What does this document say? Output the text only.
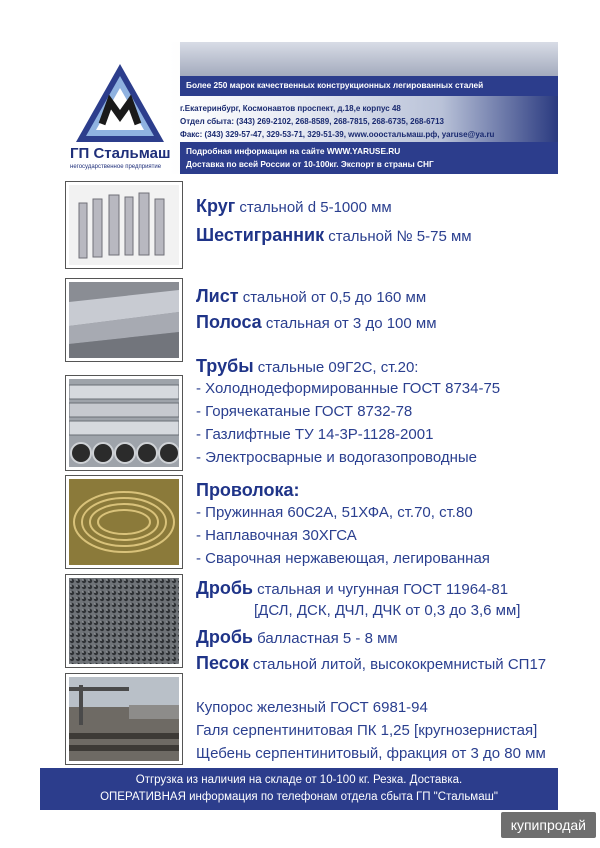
Более 250 марок качественных конструкционных легированных сталей
г.Екатеринбург, Космонавтов проспект, д.18,е корпус 48
Отдел сбыта: (343) 269-2102, 268-8589, 268-7815, 268-6735, 268-6713
Факс: (343) 329-57-47, 329-53-71, 329-51-39, www.оооcтальмаш.рф, yaruse@ya.ru
Подробная информация на сайте WWW.YARUSE.RU
Доставка по всей России от 10-100кг. Экспорт в страны СНГ
ГП Стальмаш
негосударственное предприятие
Круг стальной d 5-1000 мм
Шестигранник стальной № 5-75 мм
Лист стальной от 0,5 до 160 мм
Полоса стальная от 3 до 100 мм
Трубы стальные 09Г2С, ст.20:
- Холоднодеформированные ГОСТ 8734-75
- Горячекатаные ГОСТ 8732-78
- Газлифтные ТУ 14-3Р-1128-2001
- Электросварные и водогазопроводные
Проволока:
- Пружинная 60С2А, 51ХФА, ст.70, ст.80
- Наплавочная 30ХГСА
- Сварочная нержавеющая, легированная
Дробь стальная и чугунная ГОСТ 11964-81
[ДСЛ, ДСК, ДЧЛ, ДЧК от 0,3 до 3,6 мм]
Дробь балластная 5 - 8 мм
Песок стальной литой, высококремнистый СП17
Купорос железный ГОСТ 6981-94
Галя серпентинитовая ПК 1,25 [кругнозернистая]
Щебень серпентинитовый, фракция от 3 до 80 мм
Отгрузка из наличия на складе от 10-100 кг. Резка. Доставка.
ОПЕРАТИВНАЯ информация по телефонам отдела сбыта ГП "Стальмаш"
купипродай
